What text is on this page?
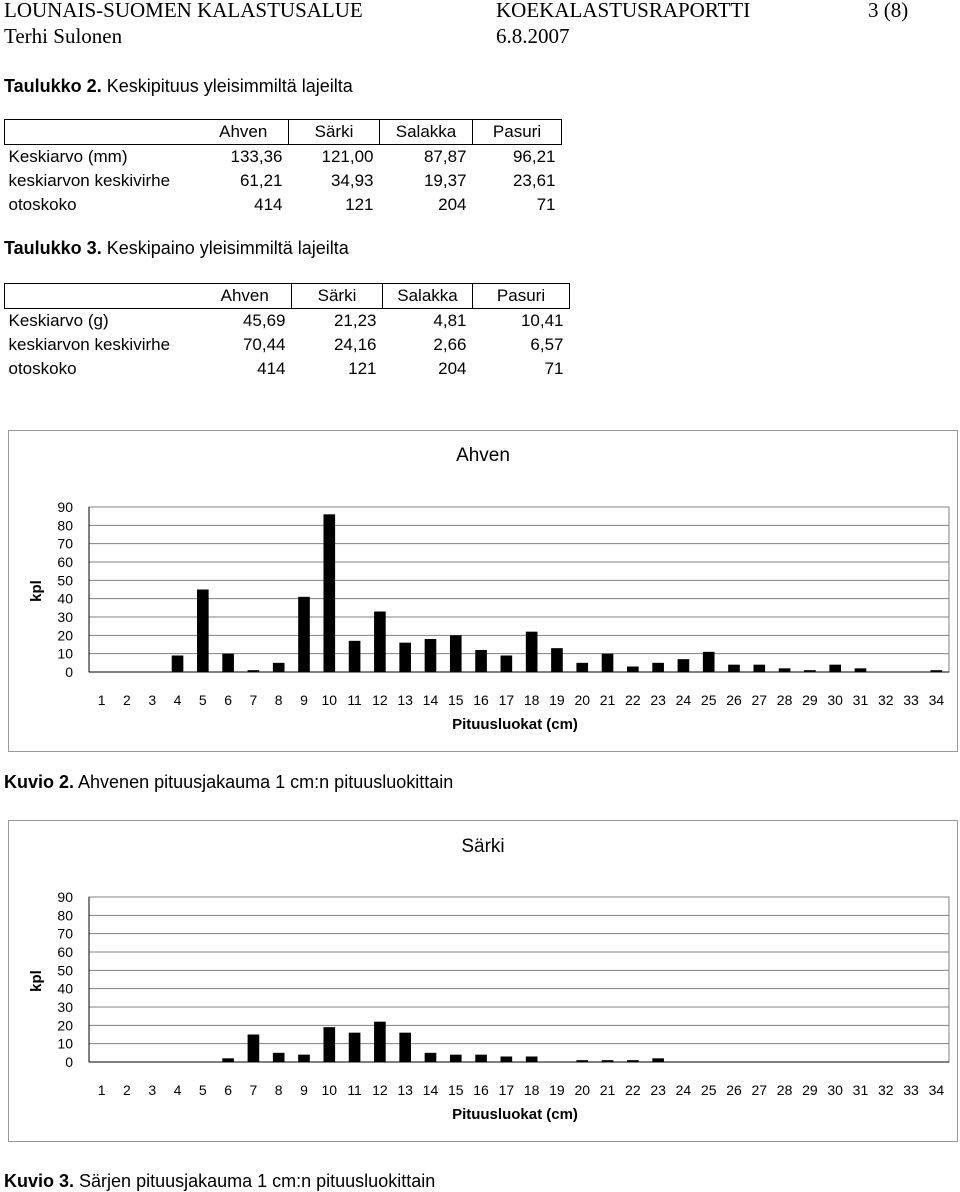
LOUNAIS-SUOMEN KALASTUSALUE	KOEKALASTUSRAPORTTI	3 (8)
Terhi Sulonen	6.8.2007
Taulukko 2. Keskipituus yleisimmiltä lajeilta
	Ahven	Särki	Salakka	Pasuri
Keskiarvo (mm)	133,36	121,00	87,87	96,21
keskiarvon keskivirhe	61,21	34,93	19,37	23,61
otoskoko	414	121	204	71
Taulukko 3. Keskipaino yleisimmiltä lajeilta
	Ahven	Särki	Salakka	Pasuri
Keskiarvo (g)	45,69	21,23	4,81	10,41
keskiarvon keskivirhe	70,44	24,16	2,66	6,57
otoskoko	414	121	204	71
0
10
20
30
40
50
60
70
80
90
1 2 3 4 5 6 7 8 9 10 11 12 13 14 15 16 17 18 19 20 21 22 23 24 25 26 27 28 29 30 31 32 33 34
Ahven
Pituusluokat (cm)
kpl
Kuvio 2. Ahvenen pituusjakauma 1 cm:n pituusluokittain
0
10
20
30
40
50
60
70
80
90
1 2 3 4 5 6 7 8 9 10 11 12 13 14 15 16 17 18 19 20 21 22 23 24 25 26 27 28 29 30 31 32 33 34
Särki
Pituusluokat (cm)
kpl
Kuvio 3. Särjen pituusjakauma 1 cm:n pituusluokittain
